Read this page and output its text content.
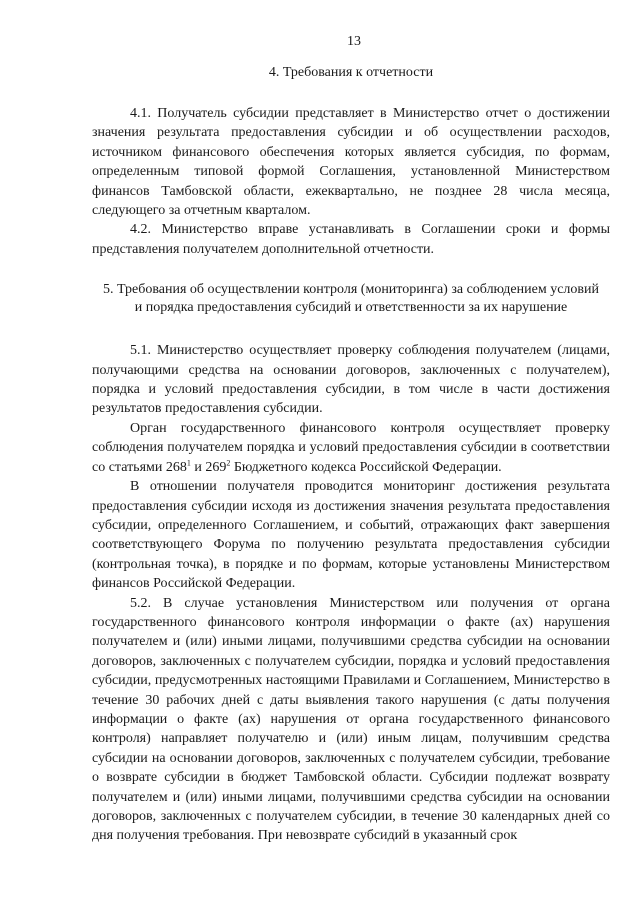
13
4. Требования к отчетности

4.1. Получатель субсидии представляет в Министерство отчет о достижении значения результата предоставления субсидии и об осуществлении расходов, источником финансового обеспечения которых является субсидия, по формам, определенным типовой формой Соглашения, установленной Министерством финансов Тамбовской области, ежеквартально, не позднее 28 числа месяца, следующего за отчетным кварталом.

4.2. Министерство вправе устанавливать в Соглашении сроки и формы представления получателем дополнительной отчетности.

5. Требования об осуществлении контроля (мониторинга) за соблюдением условий и порядка предоставления субсидий и ответственности за их нарушение

5.1. Министерство осуществляет проверку соблюдения получателем (лицами, получающими средства на основании договоров, заключенных с получателем), порядка и условий предоставления субсидии, в том числе в части достижения результатов предоставления субсидии.

Орган государственного финансового контроля осуществляет проверку соблюдения получателем порядка и условий предоставления субсидии в соответствии со статьями $268^1$ и $269^2$ Бюджетного кодекса Российской Федерации.

В отношении получателя проводится мониторинг достижения результата предоставления субсидии исходя из достижения значения результата предоставления субсидии, определенного Соглашением, и событий, отражающих факт завершения соответствующего Форума по получению результата предоставления субсидии (контрольная точка), в порядке и по формам, которые установлены Министерством финансов Российской Федерации.

5.2. В случае установления Министерством или получения от органа государственного финансового контроля информации о факте (ах) нарушения получателем и (или) иными лицами, получившими средства субсидии на основании договоров, заключенных с получателем субсидии, порядка и условий предоставления субсидии, предусмотренных настоящими Правилами и Соглашением, Министерство в течение 30 рабочих дней с даты выявления такого нарушения (с даты получения информации о факте (ах) нарушения от органа государственного финансового контроля) направляет получателю и (или) иным лицам, получившим средства субсидии на основании договоров, заключенных с получателем субсидии, требование о возврате субсидии в бюджет Тамбовской области. Субсидии подлежат возврату получателем и (или) иными лицами, получившими средства субсидии на основании договоров, заключенных с получателем субсидии, в течение 30 календарных дней со дня получения требования. При невозврате субсидий в указанный срок
